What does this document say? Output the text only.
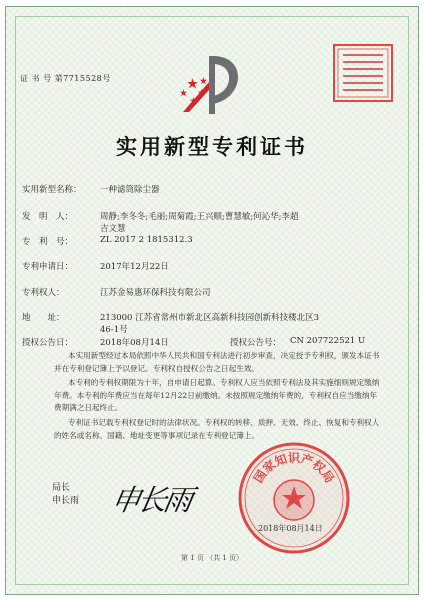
证 书 号 第7715528号
实用新型专利证书
实用新型名称： 一种滤筒除尘器
发　明　人：	周静;李冬冬;毛丽;周菊霞;王兴顺;曹慧敏;何沁华;李超
吉文慧
专　利　号：	ZL 2017 2 1815312.3
专利申请日：	2017年12月22日
专利权人：	江苏金易惠环保科技有限公司
地　　址：	213000 江苏省常州市新北区高新科技园创新科技楼北区3
46-1号
授权公告日：	2018年08月14日	授权公告号： CN 207722521 U
本实用新型经过本局依照中华人民共和国专利法进行初步审查，决定授予专利权，颁发本证书并在专利登记簿上予以登记。专利权自授权公告之日起生效。
本专利的专利权期限为十年，自申请日起算。专利权人应当依照专利法及其实施细则规定缴纳年费。本专利的年费应当在每年12月22日前缴纳。未按照规定缴纳年费的，专利权自应当缴纳年费期满之日起终止。
专利证书记载专利权登记时的法律状况。专利权的转移、质押、无效、终止、恢复和专利权人的姓名或名称、国籍、地址变更等事项记录在专利登记簿上。
局长
申长雨 申长雨
国家知识产权局
2018年08月14日
第 1 页 （共 1 页）
